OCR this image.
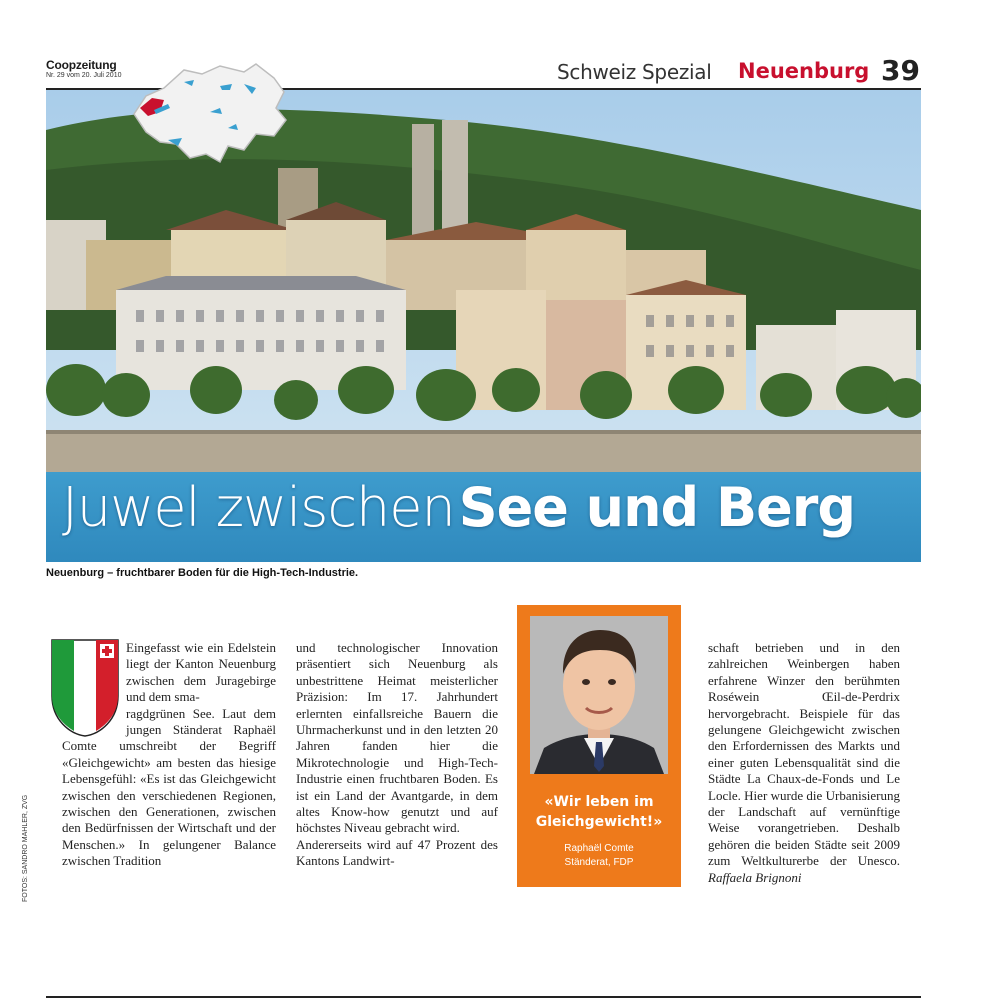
Coopzeitung
Nr. 29 vom 20. Juli 2010	Schweiz Spezial Neuenburg 39
Juwel zwischenSee und Berg
Neuenburg – fruchtbarer Boden für die High-Tech-Industrie.
FOTOS: SANDRO MAHLER, ZVG

Eingefasst wie ein Edelstein liegt der Kanton Neuenburg zwischen dem Juragebirge und dem sma-

ragdgrünen See. Laut dem jungen Ständerat Raphaël Comte umschreibt der Begriff «Gleichgewicht» am besten das hiesige Lebensgefühl: «Es ist das Gleichgewicht zwischen den verschiedenen Regionen, zwischen den Generationen, zwischen den Bedürfnissen der Wirtschaft und der Menschen.» In gelungener Balance zwischen Tradition

und technologischer Innovation präsentiert sich Neuenburg als unbestrittene Heimat meisterlicher Präzision: Im 17. Jahrhundert erlernten einfallsreiche Bauern die Uhrmacherkunst und in den letzten 20 Jahren fanden hier die Mikrotechnologie und High-Tech-Industrie einen fruchtbaren Boden. Es ist ein Land der Avantgarde, in dem altes Know-how genutzt und auf höchstes Niveau gebracht wird.

Andererseits wird auf 47 Prozent des Kantons Landwirt-

«Wir leben im Gleichgewicht!»
Raphaël Comte
Ständerat, FDP

schaft betrieben und in den zahlreichen Weinbergen haben erfahrene Winzer den berühmten Roséwein Œil-de-Perdrix hervorgebracht. Beispiele für das gelungene Gleichgewicht zwischen den Erfordernissen des Markts und einer guten Lebensqualität sind die Städte La Chaux-de-Fonds und Le Locle. Hier wurde die Urbanisierung der Landschaft auf vernünftige Weise vorangetrieben. Deshalb gehören die beiden Städte seit 2009 zum Weltkulturerbe der Unesco. Raffaela Brignoni
